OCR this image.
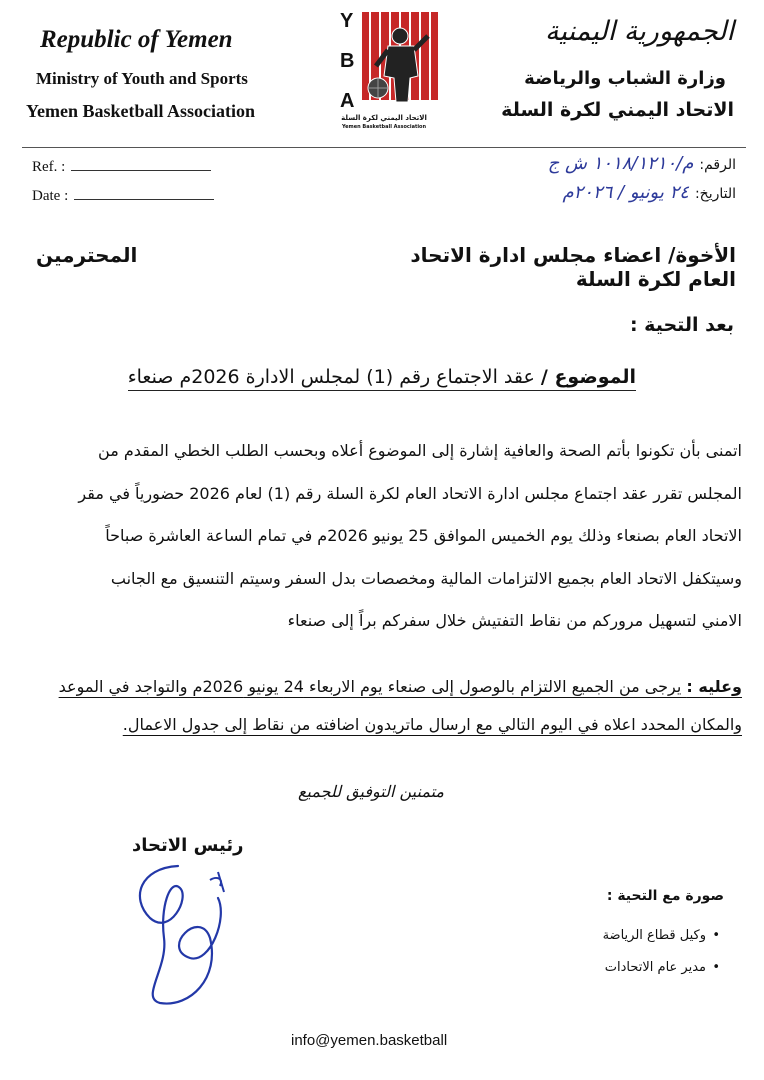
Republic of Yemen
Ministry of Youth and Sports
Yemen Basketball Association
الجمهورية اليمنية
وزارة الشباب والرياضة
الاتحاد اليمني لكرة السلة
Y
B
A
الاتحاد اليمني لكرة السلة
Yemen Basketball Association
Ref. :
Date :
الرقم:م/١٠١٨/١٢١٠ ش ج
التاريخ:٢٤ يونيو / ٢٠٢٦م
الأخوة/ اعضاء مجلس ادارة الاتحاد العام لكرة السلة
المحترمين
بعد التحية :
الموضوع / عقد الاجتماع رقم (1) لمجلس الادارة 2026م صنعاء
اتمنى بأن تكونوا بأتم الصحة والعافية إشارة إلى الموضوع أعلاه وبحسب الطلب الخطي المقدم من
المجلس تقرر عقد اجتماع مجلس ادارة الاتحاد العام لكرة السلة رقم (1) لعام 2026 حضورياً في مقر
الاتحاد العام بصنعاء وذلك يوم الخميس الموافق 25 يونيو 2026م في تمام الساعة العاشرة صباحاً
وسيتكفل الاتحاد العام بجميع الالتزامات المالية ومخصصات بدل السفر وسيتم التنسيق مع الجانب
الامني لتسهيل مروركم من نقاط التفتيش خلال سفركم براً إلى صنعاء
وعليه : يرجى من الجميع الالتزام بالوصول إلى صنعاء يوم الاربعاء 24 يونيو 2026م والتواجد في الموعد
والمكان المحدد اعلاه في اليوم التالي مع ارسال ماتريدون اضافته من نقاط إلى جدول الاعمال.
متمنين التوفيق للجميع
رئيس الاتحاد
صورة مع التحية :
وكيل قطاع الرياضة •
مدير عام الاتحادات •
info@yemen.basketball
